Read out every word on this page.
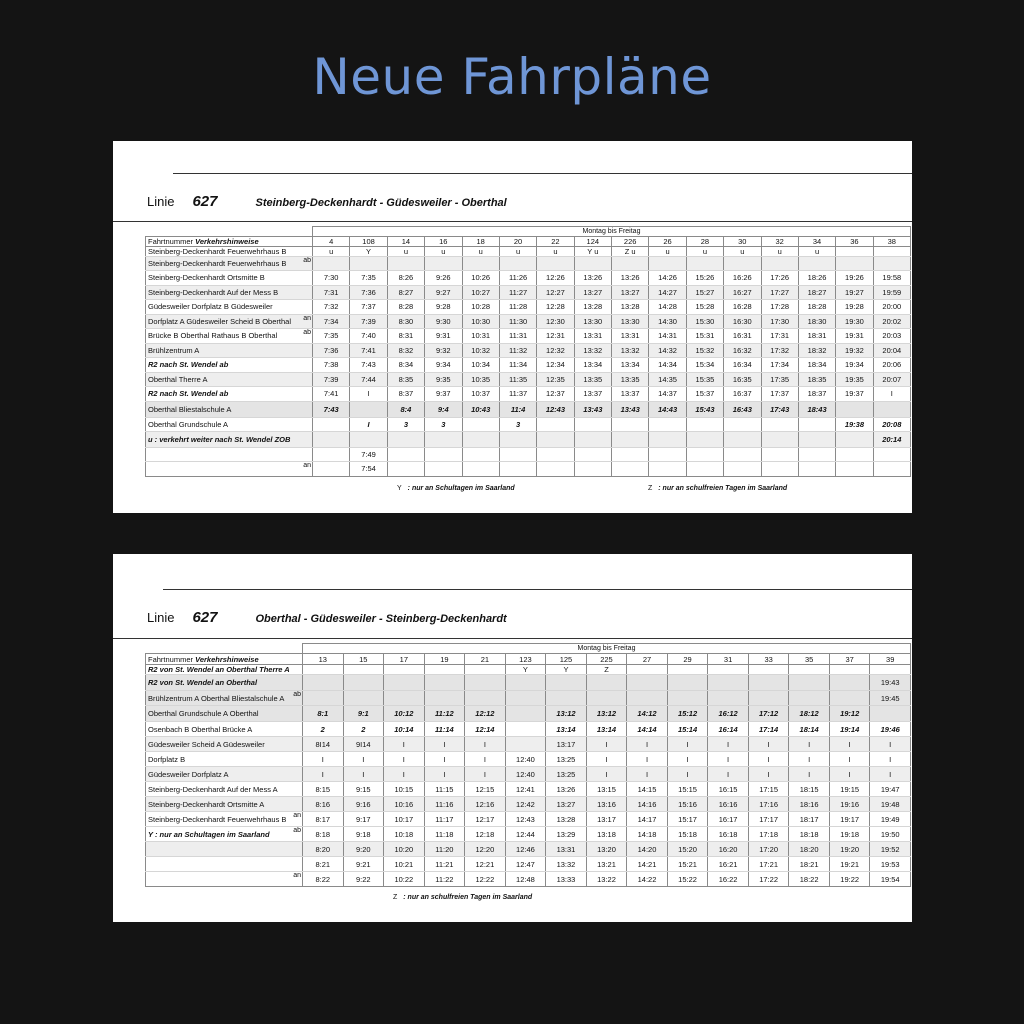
Neue Fahrpläne
Linie 627	Steinberg-Deckenhardt - Güdesweiler - Oberthal
	Montag bis Freitag															
Fahrtnummer Verkehrshinweise	4	108	14	16	18	20	22	124	226	26	28	30	32	34	36	38
Steinberg-Deckenhardt Feuerwehrhaus B	u	Y	u	u	u	u	u	Y u	Z u	u	u	u	u	u		
Steinberg-Deckenhardt Feuerwehrhaus B ab																

Steinberg-Deckenhardt Ortsmitte B	7:30	7:35	8:26	9:26	10:26	11:26	12:26	13:26	13:26	14:26	15:26	16:26	17:26	18:26	19:26	19:58
Steinberg-Deckenhardt Auf der Mess B	7:31	7:36	8:27	9:27	10:27	11:27	12:27	13:27	13:27	14:27	15:27	16:27	17:27	18:27	19:27	19:59
Güdesweiler Dorfplatz B Güdesweiler	7:32	7:37	8:28	9:28	10:28	11:28	12:28	13:28	13:28	14:28	15:28	16:28	17:28	18:28	19:28	20:00
Dorfplatz A Güdesweiler Scheid B Oberthal an	7:34	7:39	8:30	9:30	10:30	11:30	12:30	13:30	13:30	14:30	15:30	16:30	17:30	18:30	19:30	20:02
Brücke B Oberthal Rathaus B Oberthal ab	7:35	7:40	8:31	9:31	10:31	11:31	12:31	13:31	13:31	14:31	15:31	16:31	17:31	18:31	19:31	20:03
Brühlzentrum A	7:36	7:41	8:32	9:32	10:32	11:32	12:32	13:32	13:32	14:32	15:32	16:32	17:32	18:32	19:32	20:04
R2 nach St. Wendel ab	7:38	7:43	8:34	9:34	10:34	11:34	12:34	13:34	13:34	14:34	15:34	16:34	17:34	18:34	19:34	20:06
Oberthal Therre A	7:39	7:44	8:35	9:35	10:35	11:35	12:35	13:35	13:35	14:35	15:35	16:35	17:35	18:35	19:35	20:07
R2 nach St. Wendel ab	7:41	I	8:37	9:37	10:37	11:37	12:37	13:37	13:37	14:37	15:37	16:37	17:37	18:37	19:37	I
Oberthal Bliestalschule A	7:43		8:4	9:4	10:43	11:4	12:43	13:43	13:43	14:43	15:43	16:43	17:43	18:43		
Oberthal Grundschule A		I	3	3		3									19:38	20:08
u : verkehrt weiter nach St. Wendel ZOB																20:14
		7:49														

an		7:54														
Y : nur an Schultagen im Saarland	Z : nur an schulfreien Tagen im Saarland
Linie 627	Oberthal - Güdesweiler - Steinberg-Deckenhardt
	Montag bis Freitag														
Fahrtnummer Verkehrshinweise	13	15	17	19	21	123	125	225	27	29	31	33	35	37	39
R2 von St. Wendel an Oberthal Therre A						Y	Y	Z							
R2 von St. Wendel an Oberthal															19:43
Brühlzentrum A Oberthal Bliestalschule A ab															19:45
Oberthal Grundschule A Oberthal	8:1	9:1	10:12	11:12	12:12		13:12	13:12	14:12	15:12	16:12	17:12	18:12	19:12	
Osenbach B Oberthal Brücke A	2	2	10:14	11:14	12:14		13:14	13:14	14:14	15:14	16:14	17:14	18:14	19:14	19:46
Güdesweiler Scheid A Güdesweiler	8I14	9I14	I	I	I		13:17	I	I	I	I	I	I	I	I
Dorfplatz B	I	I	I	I	I	12:40	13:25	I	I	I	I	I	I	I	I
Güdesweiler Dorfplatz A	I	I	I	I	I	12:40	13:25	I	I	I	I	I	I	I	I
Steinberg-Deckenhardt Auf der Mess A	8:15	9:15	10:15	11:15	12:15	12:41	13:26	13:15	14:15	15:15	16:15	17:15	18:15	19:15	19:47
Steinberg-Deckenhardt Ortsmitte A	8:16	9:16	10:16	11:16	12:16	12:42	13:27	13:16	14:16	15:16	16:16	17:16	18:16	19:16	19:48
Steinberg-Deckenhardt Feuerwehrhaus B an	8:17	9:17	10:17	11:17	12:17	12:43	13:28	13:17	14:17	15:17	16:17	17:17	18:17	19:17	19:49
Y : nur an Schultagen im Saarland ab	8:18	9:18	10:18	11:18	12:18	12:44	13:29	13:18	14:18	15:18	16:18	17:18	18:18	19:18	19:50
	8:20	9:20	10:20	11:20	12:20	12:46	13:31	13:20	14:20	15:20	16:20	17:20	18:20	19:20	19:52
	8:21	9:21	10:21	11:21	12:21	12:47	13:32	13:21	14:21	15:21	16:21	17:21	18:21	19:21	19:53

an	8:22	9:22	10:22	11:22	12:22	12:48	13:33	13:22	14:22	15:22	16:22	17:22	18:22	19:22	19:54
Z : nur an schulfreien Tagen im Saarland
